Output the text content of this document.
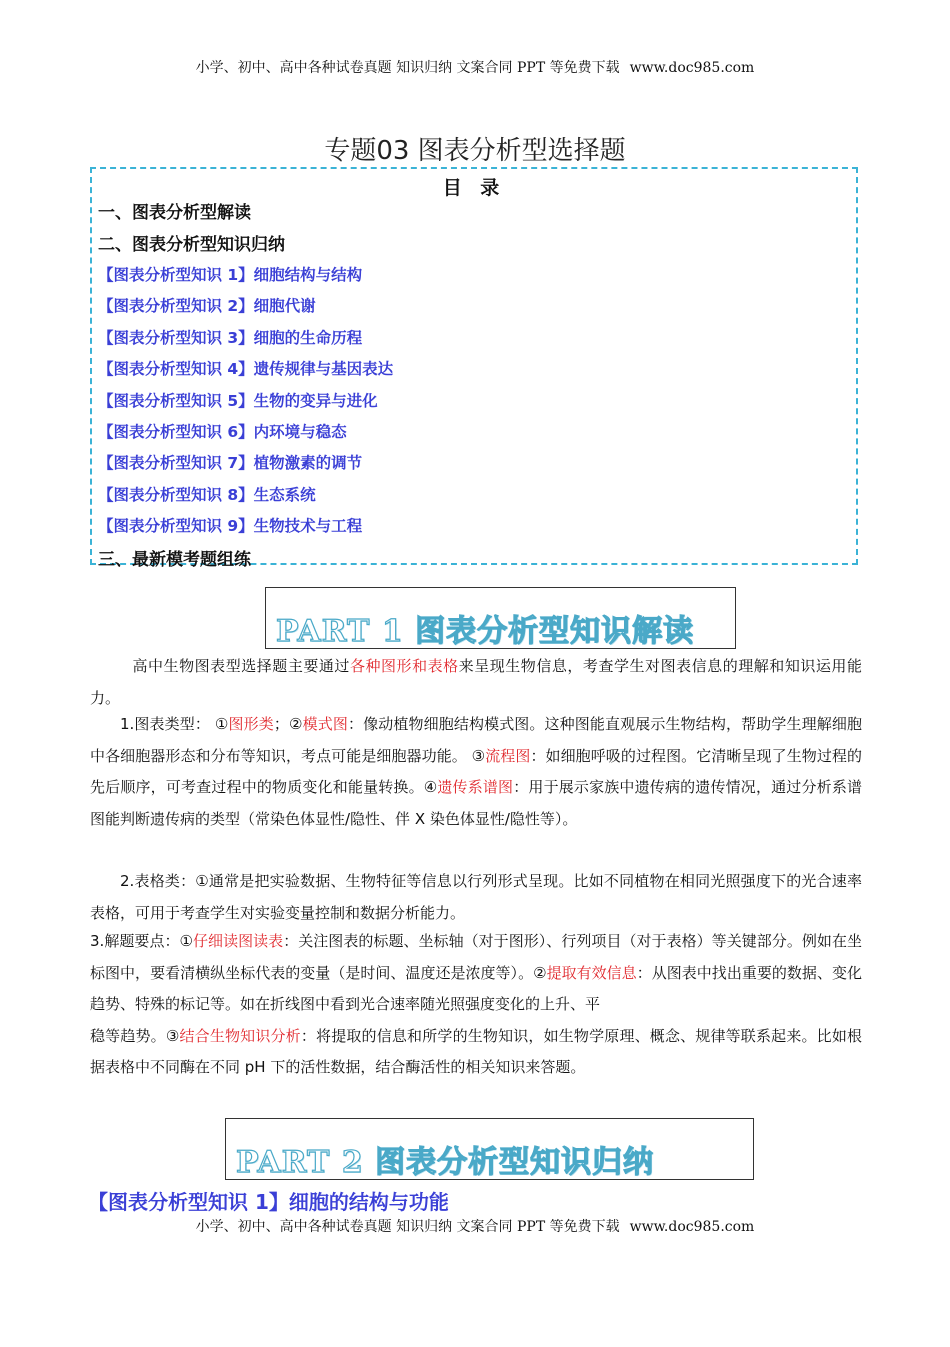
小学、初中、高中各种试卷真题 知识归纳 文案合同 PPT 等免费下载 www.doc985.com
专题03 图表分析型选择题
目 录
一、图表分析型解读
二、图表分析型知识归纳
【图表分析型知识 1】细胞结构与结构
【图表分析型知识 2】细胞代谢
【图表分析型知识 3】细胞的生命历程
【图表分析型知识 4】遗传规律与基因表达
【图表分析型知识 5】生物的变异与进化
【图表分析型知识 6】内环境与稳态
【图表分析型知识 7】植物激素的调节
【图表分析型知识 8】生态系统
【图表分析型知识 9】生物技术与工程
三、最新模考题组练
PART 1 图表分析型知识解读
高中生物图表型选择题主要通过各种图形和表格来呈现生物信息，考查学生对图表信息的理解和知识运用能力。
1.图表类型： ①图形类；②模式图：像动植物细胞结构模式图。这种图能直观展示生物结构，帮助学生理解细胞中各细胞器形态和分布等知识，考点可能是细胞器功能。 ③流程图：如细胞呼吸的过程图。它清晰呈现了生物过程的先后顺序，可考查过程中的物质变化和能量转换。④遗传系谱图：用于展示家族中遗传病的遗传情况，通过分析系谱图能判断遗传病的类型（常染色体显性/隐性、伴 X 染色体显性/隐性等）。
2.表格类：①通常是把实验数据、生物特征等信息以行列形式呈现。比如不同植物在相同光照强度下的光合速率表格，可用于考查学生对实验变量控制和数据分析能力。
3.解题要点：①仔细读图读表：关注图表的标题、坐标轴（对于图形）、行列项目（对于表格）等关键部分。例如在坐标图中，要看清横纵坐标代表的变量（是时间、温度还是浓度等）。②提取有效信息：从图表中找出重要的数据、变化趋势、特殊的标记等。如在折线图中看到光合速率随光照强度变化的上升、平
稳等趋势。③结合生物知识分析：将提取的信息和所学的生物知识，如生物学原理、概念、规律等联系起来。比如根据表格中不同酶在不同 pH 下的活性数据，结合酶活性的相关知识来答题。
PART 2 图表分析型知识归纳
【图表分析型知识 1】细胞的结构与功能
小学、初中、高中各种试卷真题 知识归纳 文案合同 PPT 等免费下载 www.doc985.com
